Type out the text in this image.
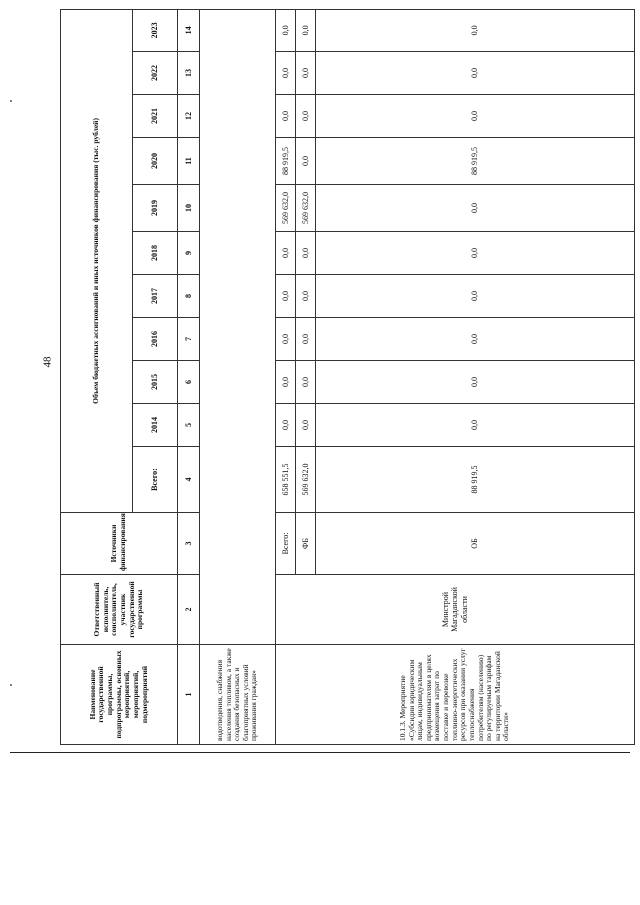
48
Наименование государственной программы, подпрограммы, основных мероприятий, мероприятий, подмероприятий	Ответственный исполнитель, соисполнитель, участник государственной программы	Источники финансирования	Объем бюджетных ассигнований и иных источников финансирования (тыс. рублей)										
			Всего:	2014	2015	2016	2017	2018	2019	2020	2021	2022	2023
1	2	3	4	5	6	7	8	9	10	11	12	13	14
водотведения, снабжения населения топливом, а также создания безопасных и благоприятных условий проживания граждан»													
10.1.3. Мероприятие «Субсидии юридическим лицам, индивидуальным предпринимателям в целях возмещения затрат по поставке и перевозке топливно-энергетических ресурсов при оказании услуг теплоснабжения потребителям (населению) по регулируемым тарифам на территории Магаданской области»	Минстрой Магаданской области	Всего:	658 551,5	0,0	0,0	0,0	0,0	0,0	569 632,0	88 919,5	0,0	0,0	0,0
		ФБ	569 632,0	0,0	0,0	0,0	0,0	0,0	569 632,0	0,0	0,0	0,0	0,0
		ОБ	88 919,5	0,0	0,0	0,0	0,0	0,0	0,0	88 919,5	0,0	0,0	0,0
